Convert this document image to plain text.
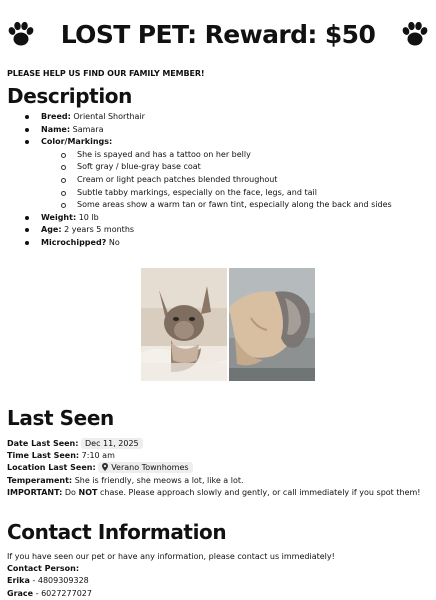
LOST PET: Reward: $50
PLEASE HELP US FIND OUR FAMILY MEMBER!
Description
Breed: Oriental Shorthair
Name: Samara
Color/Markings:
She is spayed and has a tattoo on her belly
Soft gray / blue-gray base coat
Cream or light peach patches blended throughout
Subtle tabby markings, especially on the face, legs, and tail
Some areas show a warm tan or fawn tint, especially along the back and sides
Weight: 10 lb
Age: 2 years 5 months
Microchipped? No
Last Seen
Date Last Seen: Dec 11, 2025
Time Last Seen: 7:10 am
Location Last Seen: Verano Townhomes
Temperament: She is friendly, she meows a lot, like a lot.
IMPORTANT: Do NOT chase. Please approach slowly and gently, or call immediately if you spot them!
Contact Information
If you have seen our pet or have any information, please contact us immediately!
Contact Person:
Erika - 4809309328
Grace - 6027277027
